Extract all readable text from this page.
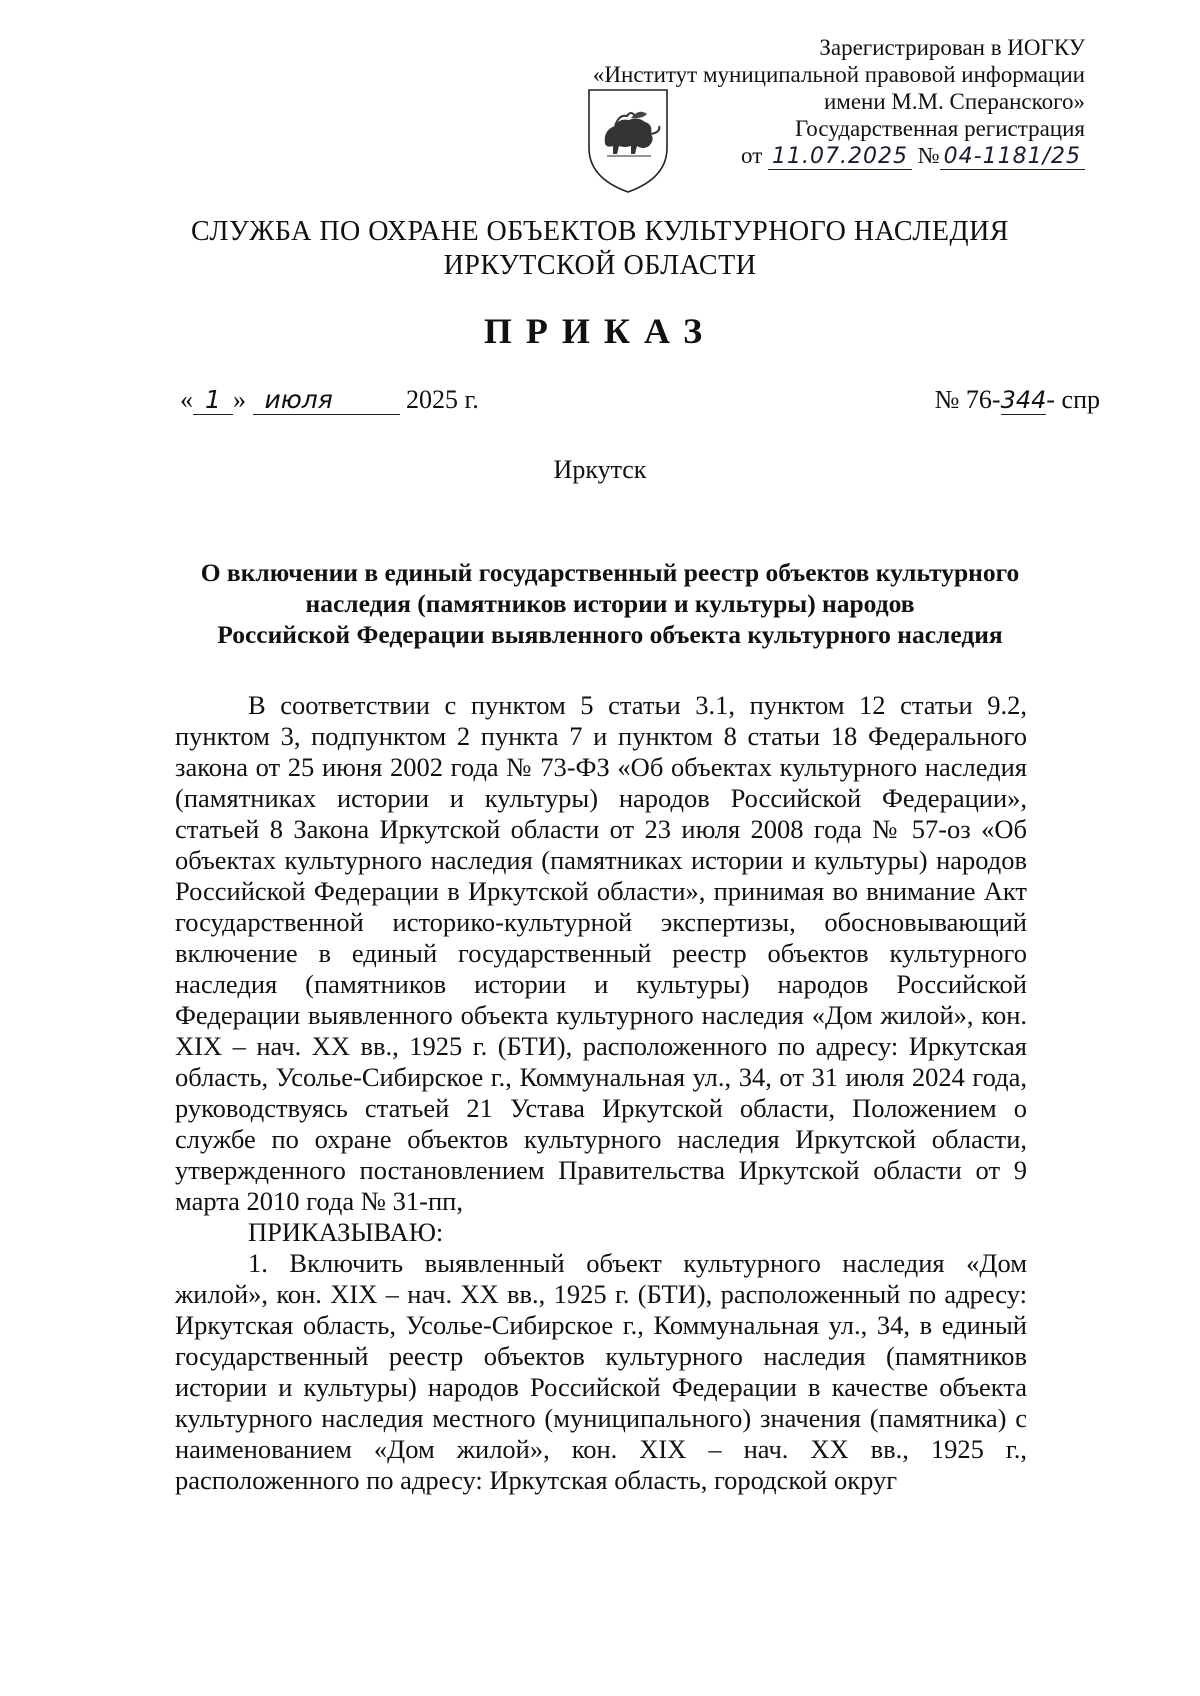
Зарегистрирован в ИОГКУ
«Институт муниципальной правовой информации
имени М.М. Сперанского»
Государственная регистрация
от 11.07.2025 № 04-1181/25
СЛУЖБА ПО ОХРАНЕ ОБЪЕКТОВ КУЛЬТУРНОГО НАСЛЕДИЯ
ИРКУТСКОЙ ОБЛАСТИ
ПРИКАЗ
« 1 » июля	2025 г.	№ 76-344- спр
Иркутск
О включении в единый государственный реестр объектов культурного
наследия (памятников истории и культуры) народов
Российской Федерации выявленного объекта культурного наследия

В соответствии с пунктом 5 статьи 3.1, пунктом 12 статьи 9.2, пунктом 3, подпунктом 2 пункта 7 и пунктом 8 статьи 18 Федерального закона от 25 июня 2002 года № 73-ФЗ «Об объектах культурного наследия (памятниках истории и культуры) народов Российской Федерации», статьей 8 Закона Иркутской области от 23 июля 2008 года № 57-оз «Об объектах культурного наследия (памятниках истории и культуры) народов Российской Федерации в Иркутской области», принимая во внимание Акт государственной историко-культурной экспертизы, обосновывающий включение в единый государственный реестр объектов культурного наследия (памятников истории и культуры) народов Российской Федерации выявленного объекта культурного наследия «Дом жилой», кон. XIX – нач. XX вв., 1925 г. (БТИ), расположенного по адресу: Иркутская область, Усолье-Сибирское г., Коммунальная ул., 34, от 31 июля 2024 года, руководствуясь статьей 21 Устава Иркутской области, Положением о службе по охране объектов культурного наследия Иркутской области, утвержденного постановлением Правительства Иркутской области от 9 марта 2010 года № 31-пп,

ПРИКАЗЫВАЮ:

1. Включить выявленный объект культурного наследия «Дом жилой», кон. XIX – нач. XX вв., 1925 г. (БТИ), расположенный по адресу: Иркутская область, Усолье-Сибирское г., Коммунальная ул., 34, в единый государственный реестр объектов культурного наследия (памятников истории и культуры) народов Российской Федерации в качестве объекта культурного наследия местного (муниципального) значения (памятника) с наименованием «Дом жилой», кон. XIX – нач. XX вв., 1925 г., расположенного по адресу: Иркутская область, городской округ
